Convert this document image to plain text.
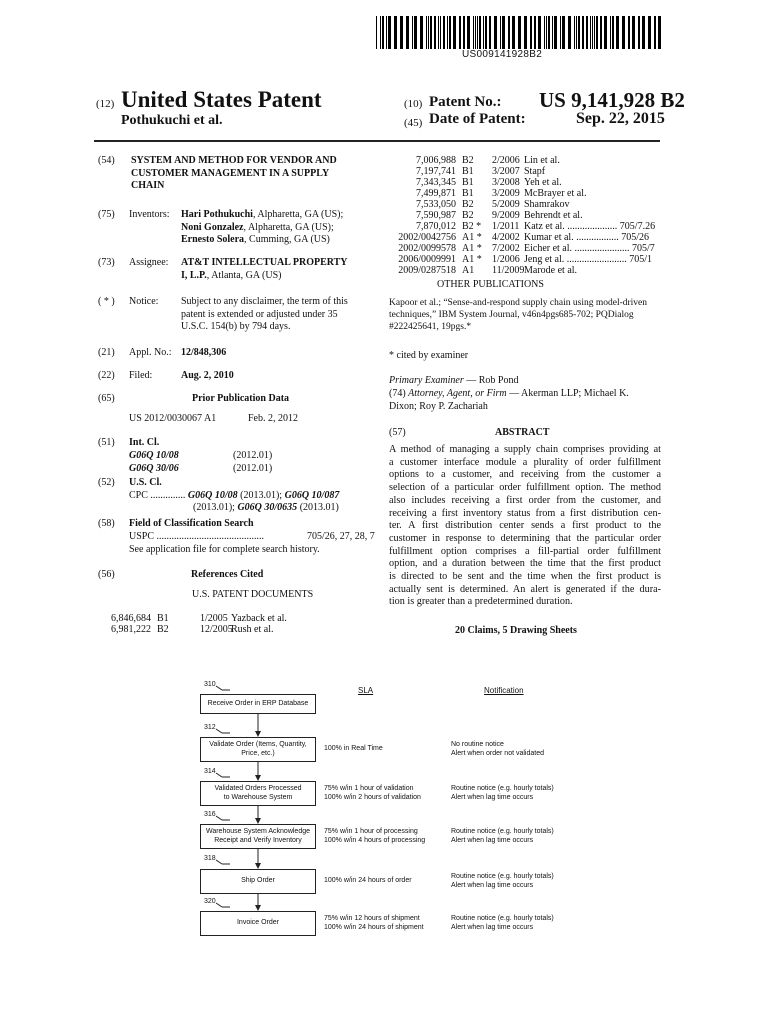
US009141928B2
(12) United States Patent
Pothukuchi et al.
(10) Patent No.: US 9,141,928 B2
(45) Date of Patent:	Sep. 22, 2015
(54) SYSTEM AND METHOD FOR VENDOR AND
CUSTOMER MANAGEMENT IN A SUPPLY
CHAIN
(75) Inventors: Hari Pothukuchi, Alpharetta, GA (US);
Noni Gonzalez, Alpharetta, GA (US);
Ernesto Solera, Cumming, GA (US)
(73) Assignee: AT&T INTELLECTUAL PROPERTY
I, L.P., Atlanta, GA (US)
( * ) Notice: Subject to any disclaimer, the term of this
patent is extended or adjusted under 35
U.S.C. 154(b) by 794 days.
(21) Appl. No.: 12/848,306
(22) Filed:	Aug. 2, 2010
(65)	Prior Publication Data
US 2012/0030067 A1	Feb. 2, 2012
(51) Int. Cl.
G06Q 10/08	(2012.01)
G06Q 30/06	(2012.01)
(52) U.S. Cl.
CPC .............. G06Q 10/08 (2013.01); G06Q 10/087
(2013.01); G06Q 30/0635 (2013.01)
(58) Field of Classification Search
USPC ...........................................	705/26, 27, 28, 7
See application file for complete search history.
(56)	References Cited
U.S. PATENT DOCUMENTS
6,846,684 B1	1/2005 Yazback et al.
6,981,222 B2	12/2005
Rush et al.
7,006,988 B2 2/2006 Lin et al.
7,197,741 B1 3/2007 Stapf
7,343,345 B1 3/2008 Yeh et al.
7,499,871 B1 3/2009 McBrayer et al.
7,533,050 B2 5/2009 Shamrakov
7,590,987 B2 9/2009 Behrendt et al.
7,870,012 B2 * 1/2011 Katz et al. .................... 705/7.26
2002/0042756 A1 * 4/2002 Kumar et al. ................. 705/26
2002/0099578 A1 * 7/2002 Eicher et al. ...................... 705/7
2006/0009991 A1 * 1/2006 Jeng et al. ........................ 705/1
2009/0287518 A1 11/2009 Marode et al.
OTHER PUBLICATIONS
Kapoor et al.; “Sense-and-respond supply chain using model-driven
techniques,” IBM System Journal, v46n4pgs685-702; PQDialog
#222425641, 19pgs.*
* cited by examiner
Primary Examiner — Rob Pond
(74) Attorney, Agent, or Firm — Akerman LLP; Michael K.
Dixon; Roy P. Zachariah
(57)	ABSTRACT
A method of managing a supply chain comprises providing at
a customer interface module a plurality of order fulfillment
options to a customer, and receiving from the customer a
selection of a particular order fulfillment option. The method
also includes receiving a first order from the customer, and
receiving a first inventory status from a first distribution cen-
ter. A first distribution center sends a first product to the
customer in response to determining that the particular order
fulfillment option comprises a fill-partial order fulfillment
option, and a duration between the time that the first product
is directed to be sent and the time when the first product is
actually sent is determined. An alert is generated if the dura-
tion is greater than a predetermined duration.
20 Claims, 5 Drawing Sheets
SLA	Notification
310
Receive Order in ERP Database
312
Validate Order (Items, Quantity,
Price, etc.)
100% in Real Time
No routine notice
Alert when order not validated
314
Validated Orders Processed
to Warehouse System
75% w/in 1 hour of validation
100% w/in 2 hours of validation
Routine notice (e.g. hourly totals)
Alert when lag time occurs
316
Warehouse System Acknowledge
Receipt and Verify Inventory
75% w/in 1 hour of processing
100% w/in 4 hours of processing
Routine notice (e.g. hourly totals)
Alert when lag time occurs
318
Ship Order	100% w/in 24 hours of order
Routine notice (e.g. hourly totals)
Alert when lag time occurs
320
Invoice Order
75% w/in 12 hours of shipment
100% w/in 24 hours of shipment
Routine notice (e.g. hourly totals)
Alert when lag time occurs
